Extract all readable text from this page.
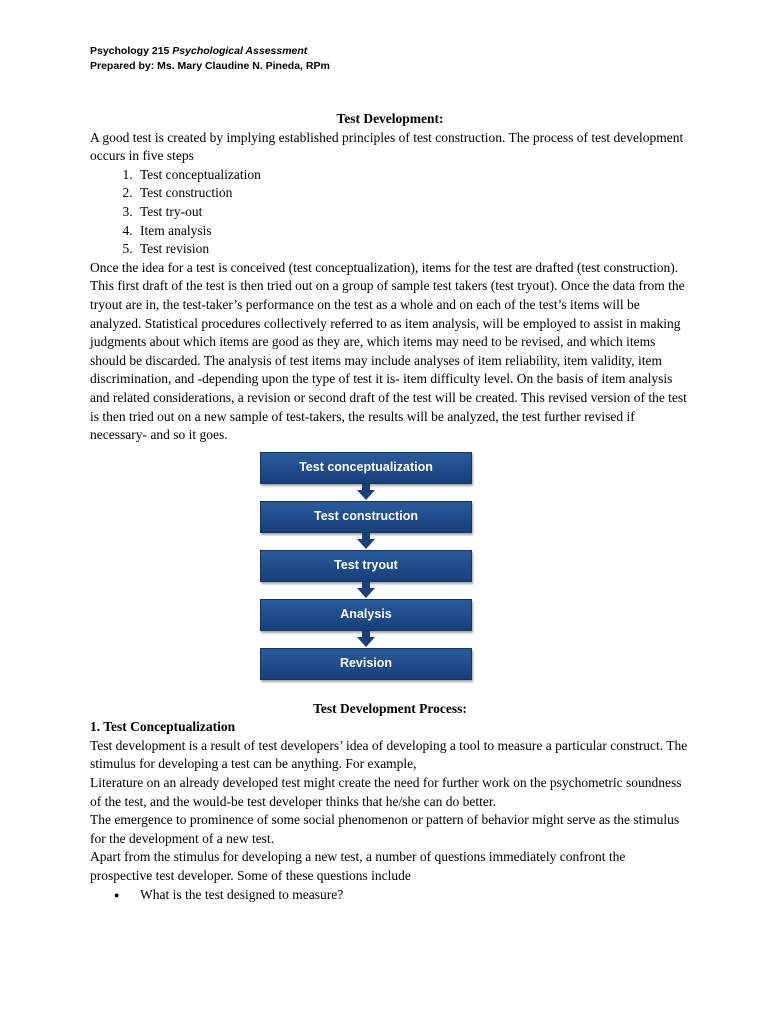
Psychology 215 Psychological Assessment
Prepared by: Ms. Mary Claudine N. Pineda, RPm
Test Development:

A good test is created by implying established principles of test construction. The process of test development occurs in five steps

1. Test conceptualization
2. Test construction
3. Test try-out
4. Item analysis
5. Test revision

Once the idea for a test is conceived (test conceptualization), items for the test are drafted (test construction). This first draft of the test is then tried out on a group of sample test takers (test tryout). Once the data from the tryout are in, the test-taker’s performance on the test as a whole and on each of the test’s items will be analyzed. Statistical procedures collectively referred to as item analysis, will be employed to assist in making judgments about which items are good as they are, which items may need to be revised, and which items should be discarded. The analysis of test items may include analyses of item reliability, item validity, item discrimination, and -depending upon the type of test it is- item difficulty level. On the basis of item analysis and related considerations, a revision or second draft of the test will be created. This revised version of the test is then tried out on a new sample of test-takers, the results will be analyzed, the test further revised if necessary- and so it goes.

Test conceptualization
Test construction
Test tryout
Analysis
Revision
Test Development Process:
1. Test Conceptualization

Test development is a result of test developers’ idea of developing a tool to measure a particular construct. The stimulus for developing a test can be anything. For example,

Literature on an already developed test might create the need for further work on the psychometric soundness of the test, and the would-be test developer thinks that he/she can do better.

The emergence to prominence of some social phenomenon or pattern of behavior might serve as the stimulus for the development of a new test.

Apart from the stimulus for developing a new test, a number of questions immediately confront the prospective test developer. Some of these questions include

● What is the test designed to measure?
